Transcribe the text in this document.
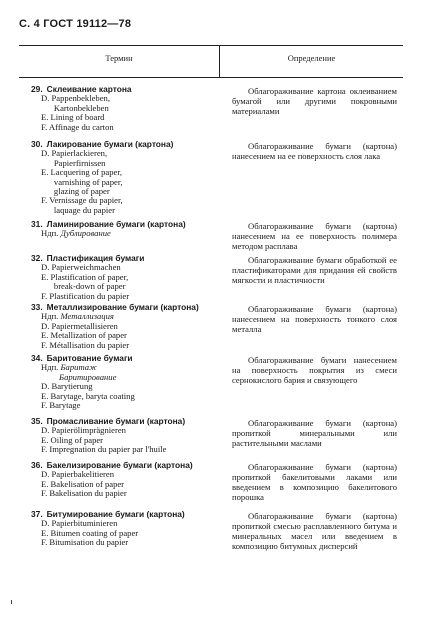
С. 4 ГОСТ 19112—78
Термин	Определение
29. Склеивание картона
D. Pappenbekleben,
Kartonbekleben
E. Lining of board
F. Affinage du carton
Облагораживание картона оклеиванием бумагой или другими покровными материалами
30. Лакирование бумаги (картона)
D. Papierlackieren,
Papierfirnissen
E. Lacquering of paper,
varnishing of paper,
glazing of paper
F. Vernissage du papier,
laquage du papier
Облагораживание бумаги (картона) нанесением на ее поверхность слоя лака
31. Ламинирование бумаги (картона)
Ндп. Дублирование
Облагораживание бумаги (картона) нанесением на ее поверхность полимера методом расплава
32. Пластификация бумаги
D. Papierweichmachen
E. Plastification of paper,
break-down of paper
F. Plastification du papier
Облагораживание бумаги обработкой ее пластификаторами для придания ей свойств мягкости и пластичности
33. Металлизирование бумаги (картона)
Ндп. Металлизация
D. Papiermetallisieren
E. Metallization of paper
F. Métallisation du papier
Облагораживание бумаги (картона) нанесением на поверхность тонкого слоя металла
34. Баритование бумаги
Ндп. Баритаж
Баритирование
D. Barytierung
E. Barytage, baryta coating
F. Barytage
Облагораживание бумаги нанесением на поверхность покрытия из смеси сернокислого бария и связующего
35. Промасливание бумаги (картона)
D. Papierölimprägnieren
E. Oiling of paper
F. Impregnation du papier par l'huile
Облагораживание бумаги (картона) пропиткой минеральными или растительными маслами
36. Бакелизирование бумаги (картона)
D. Papierbakelitieren
E. Bakelisation of paper
F. Bakelisation du papier
Облагораживание бумаги (картона) пропиткой бакелитовыми лаками или введением в композицию бакелитового порошка
37. Битумирование бумаги (картона)
D. Papierbituminieren
E. Bitumen coating of paper
F. Bitumisation du papier
Облагораживание бумаги (картона) пропиткой смесью расплавленного битума и минеральных масел или введением в композицию битумных дисперсий
